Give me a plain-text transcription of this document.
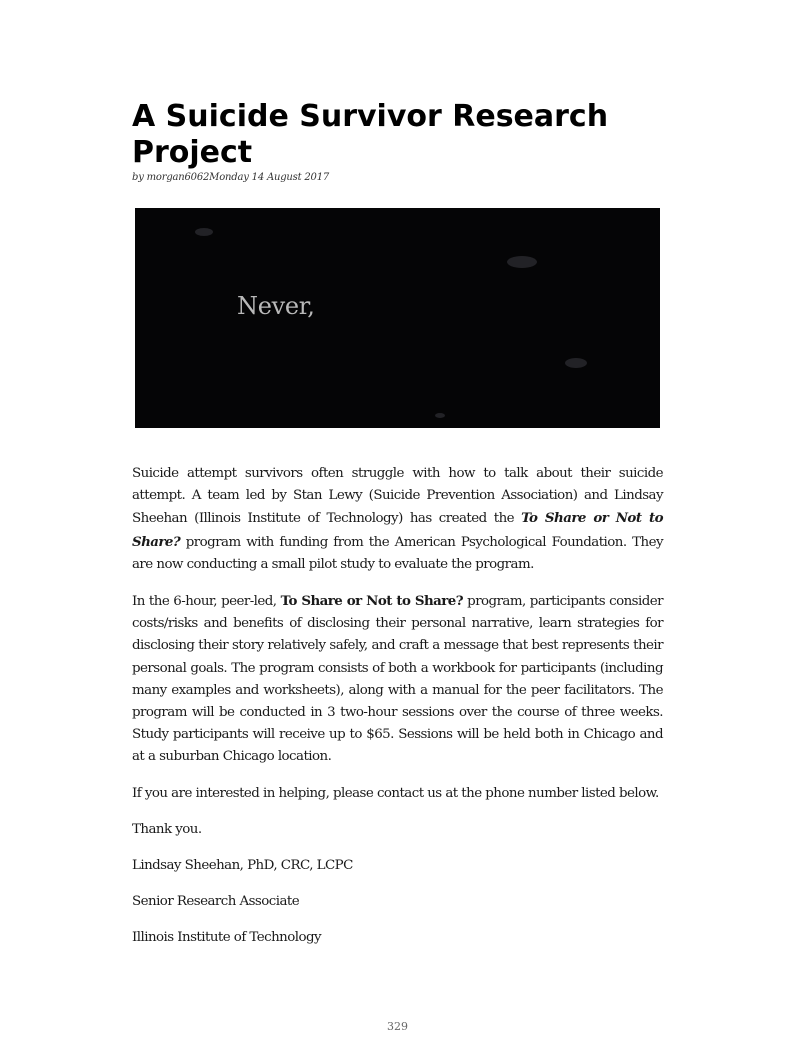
A Suicide Survivor Research Project
by morgan6062Monday 14 August 2017
Never,

Suicide attempt survivors often struggle with how to talk about their suicide attempt. A team led by Stan Lewy (Suicide Prevention Association) and Lindsay Sheehan (Illinois Institute of Technology) has created the To Share or Not to Share? program with funding from the American Psychological Foundation. They are now conducting a small pilot study to evaluate the program.

In the 6-hour, peer-led, To Share or Not to Share? program, participants consider costs/risks and benefits of disclosing their personal narrative, learn strategies for disclosing their story relatively safely, and craft a message that best represents their personal goals. The program consists of both a workbook for participants (including many examples and worksheets), along with a manual for the peer facilitators. The program will be conducted in 3 two-hour sessions over the course of three weeks. Study participants will receive up to $65. Sessions will be held both in Chicago and at a suburban Chicago location.

If you are interested in helping, please contact us at the phone number listed below.

Thank you.

Lindsay Sheehan, PhD, CRC, LCPC

Senior Research Associate

Illinois Institute of Technology

329
